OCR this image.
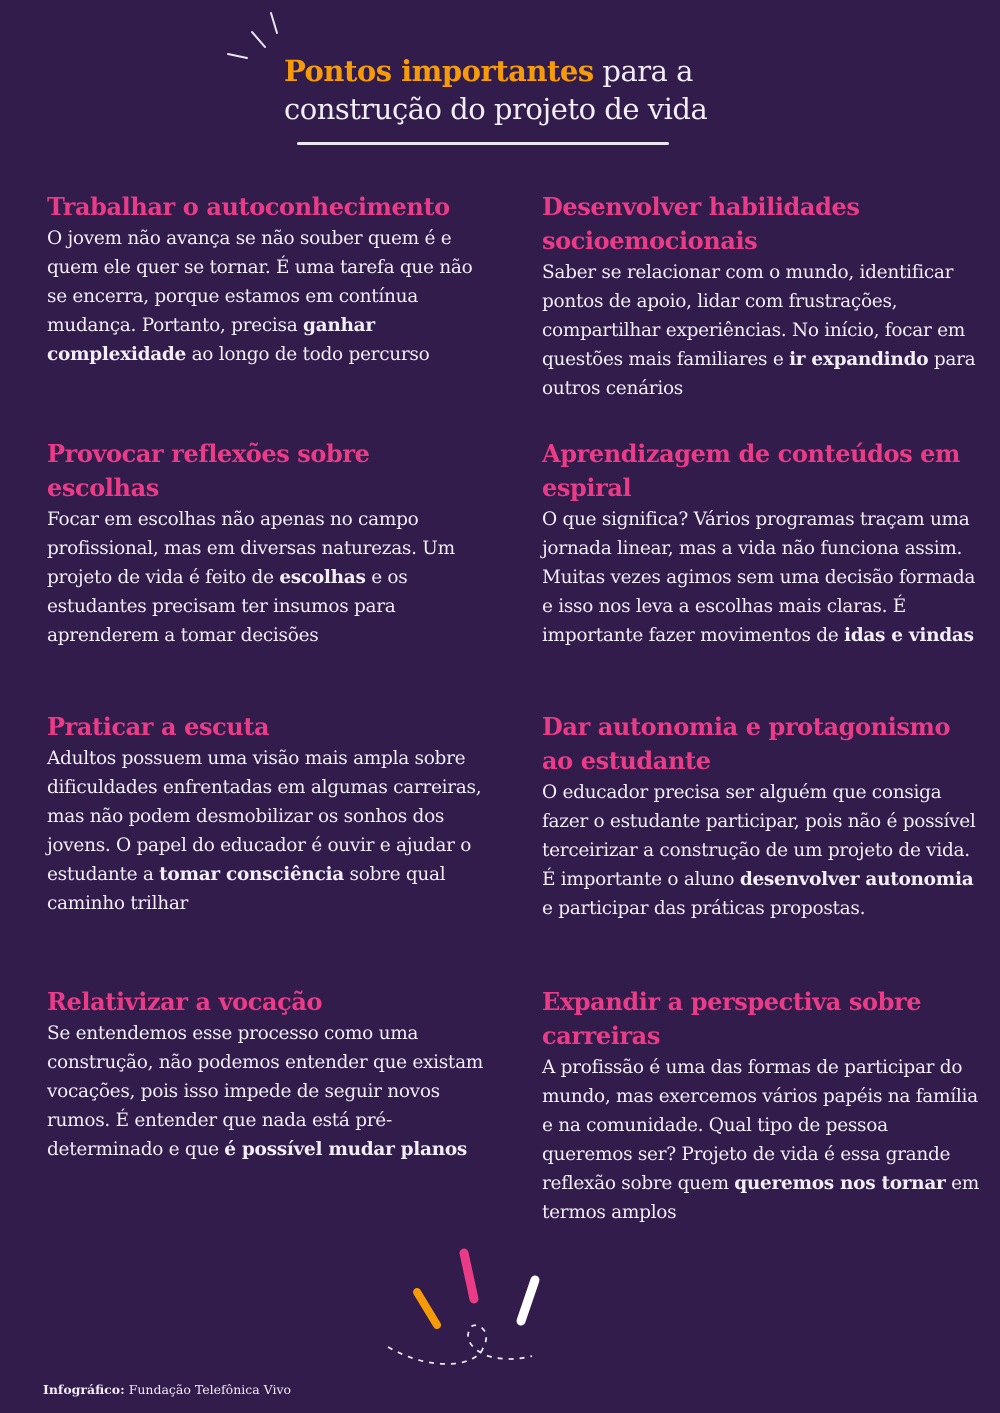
Pontos importantes para a
construção do projeto de vida
Trabalhar o autoconhecimento

O jovem não avança se não souber quem é e quem ele quer se tornar. É uma tarefa que não se encerra, porque estamos em contínua mudança. Portanto, precisa ganhar complexidade ao longo de todo percurso

Provocar reflexões sobre escolhas

Focar em escolhas não apenas no campo profissional, mas em diversas naturezas. Um projeto de vida é feito de escolhas e os estudantes precisam ter insumos para aprenderem a tomar decisões

Praticar a escuta

Adultos possuem uma visão mais ampla sobre dificuldades enfrentadas em algumas carreiras, mas não podem desmobilizar os sonhos dos jovens. O papel do educador é ouvir e ajudar o estudante a tomar consciência sobre qual caminho trilhar

Relativizar a vocação

Se entendemos esse processo como uma construção, não podemos entender que existam vocações, pois isso impede de seguir novos rumos. É entender que nada está pré-determinado e que é possível mudar planos

Desenvolver habilidades socioemocionais

Saber se relacionar com o mundo, identificar pontos de apoio, lidar com frustrações, compartilhar experiências. No início, focar em questões mais familiares e ir expandindo para outros cenários

Aprendizagem de conteúdos em espiral

O que significa? Vários programas traçam uma jornada linear, mas a vida não funciona assim. Muitas vezes agimos sem uma decisão formada e isso nos leva a escolhas mais claras. É importante fazer movimentos de idas e vindas

Dar autonomia e protagonismo ao estudante

O educador precisa ser alguém que consiga fazer o estudante participar, pois não é possível terceirizar a construção de um projeto de vida. É importante o aluno desenvolver autonomia e participar das práticas propostas.

Expandir a perspectiva sobre carreiras

A profissão é uma das formas de participar do mundo, mas exercemos vários papéis na família e na comunidade. Qual tipo de pessoa queremos ser? Projeto de vida é essa grande reflexão sobre quem queremos nos tornar em termos amplos

Infográfico: Fundação Telefônica Vivo
